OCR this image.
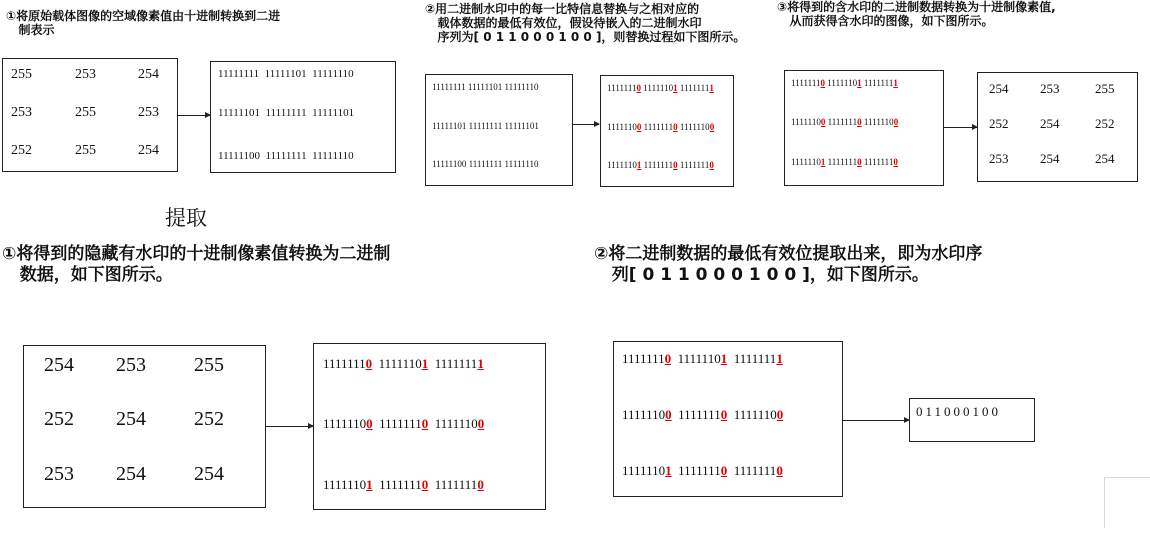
①将原始载体图像的空域像素值由十进制转换到二进
制表示
②用二进制水印中的每一比特信息替换与之相对应的
载体数据的最低有效位，假设待嵌入的二进制水印
序列为[ 0 1 1 0 0 0 1 0 0 ]，则替换过程如下图所示。
③将得到的含水印的二进制数据转换为十进制像素值,
从而获得含水印的图像，如下图所示。
255	253	254
253	255	253
252	255	254
11111111 11111101 11111110
11111101 11111111 11111101
11111100 11111111 11111110
11111111 11111101 11111110
11111101 11111111 11111101
11111100 11111111 11111110
11111110 11111101 11111111
11111100 11111110 11111100
11111101 11111110 11111110
11111110 11111101 11111111
11111100 11111110 11111100
11111101 11111110 11111110
254 253	255
252 254	252
253 254	254
提取
①将得到的隐藏有水印的十进制像素值转换为二进制
数据，如下图所示。
②将二进制数据的最低有效位提取出来，即为水印序
列[ 0 1 1 0 0 0 1 0 0 ]，如下图所示。
254 253 255
252 254 252
253 254 254
11111110 11111101 11111111
11111100 11111110 11111100
11111101 11111110 11111110
11111110 11111101 11111111
11111100 11111110 11111100
11111101 11111110 11111110
011000100
